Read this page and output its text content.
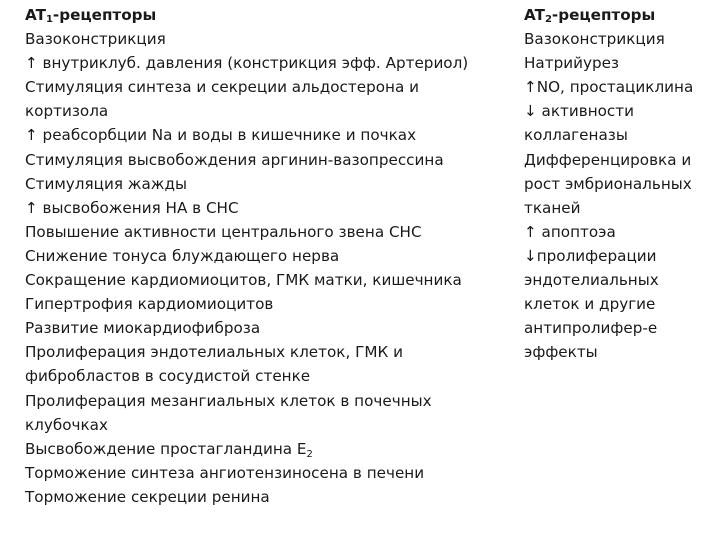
$AT_1$-рецепторы
Вазоконстрикция
↑ внутриклуб. давления (констрикция эфф. Артериол)
Стимуляция синтеза и секреции альдостерона и
кортизола
↑ реабсорбции Na и воды в кишечнике и почках
Стимуляция высвобождения аргинин-вазопрессина
Стимуляция жажды
↑ высвобожения НА в СНС
Повышение активности центрального звена СНС
Снижение тонуса блуждающего нерва
Сокращение кардиомиоцитов, ГМК матки, кишечника
Гипертрофия кардиомиоцитов
Развитие миокардиофиброза
Пролиферация эндотелиальных клеток, ГМК и
фибробластов в сосудистой стенке
Пролиферация мезангиальных клеток в почечных
клубочках
Высвобождение простагландина $Е_2$
Торможение синтеза ангиотензиносена в печени
Торможение секреции ренина
$AT_2$-рецепторы
Вазоконстрикция
Натрийурез
↑NO, простациклина
↓ активности
коллагеназы
Дифференцировка и
рост эмбриональных
тканей
↑ апоптоэа
↓пролиферации
эндотелиальных
клеток и другие
антипролифер-е
эффекты
